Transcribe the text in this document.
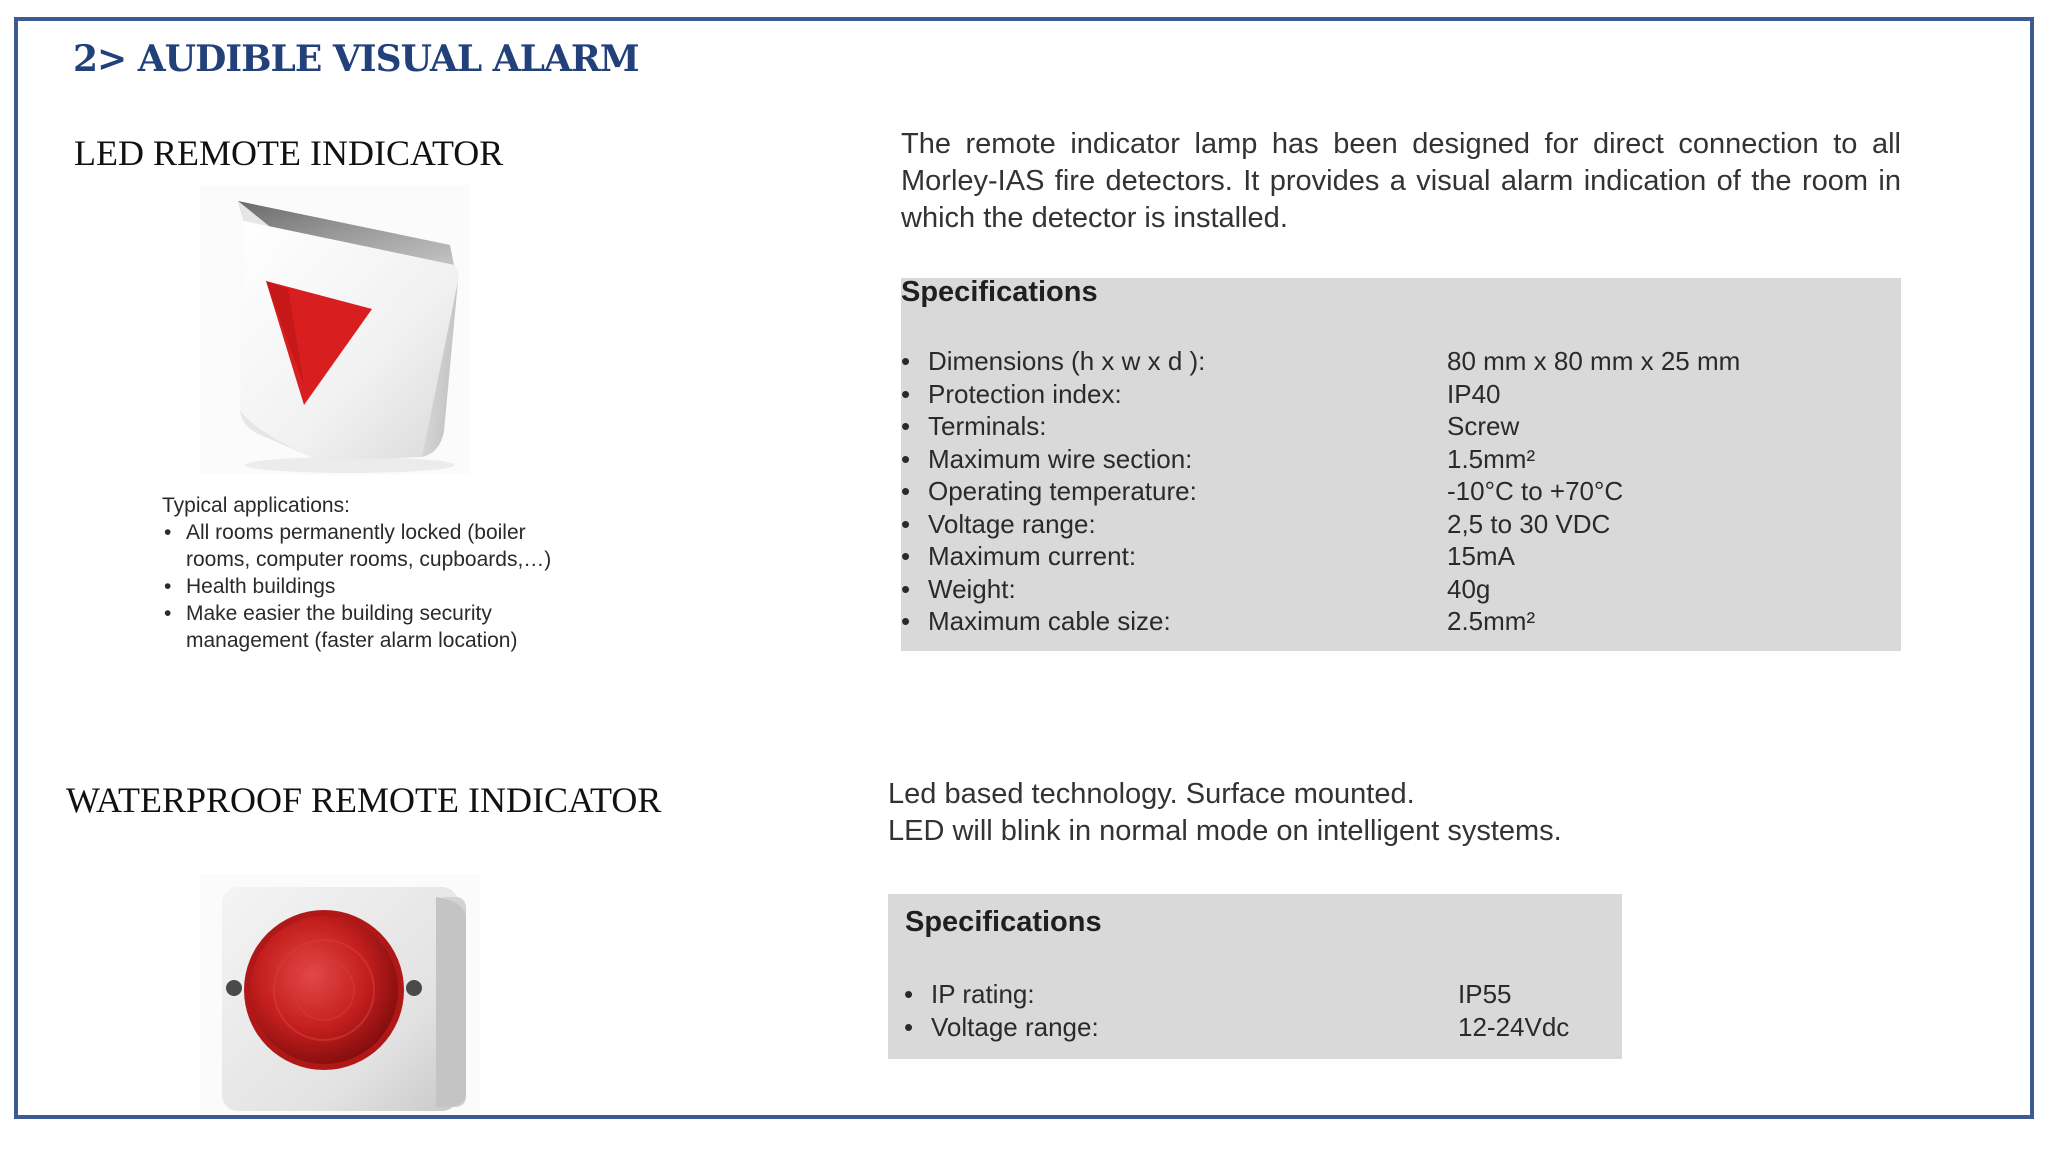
2> AUDIBLE VISUAL ALARM
LED REMOTE INDICATOR
Typical applications:
• All rooms permanently locked (boiler rooms, computer rooms, cupboards,…)
• Health buildings
• Make easier the building security management (faster alarm location)

The remote indicator lamp has been designed for direct connection to all Morley-IAS fire detectors. It provides a visual alarm indication of the room in which the detector is installed.

Specifications
• Dimensions (h x w x d ):	80 mm x 80 mm x 25 mm
• Protection index:	IP40
• Terminals:	Screw
• Maximum wire section:	1.5mm²
• Operating temperature:	-10°C to +70°C
• Voltage range:	2,5 to 30 VDC
• Maximum current:	15mA
• Weight:	40g
• Maximum cable size:	2.5mm²
WATERPROOF REMOTE INDICATOR	Led based technology. Surface mounted.

LED will blink in normal mode on intelligent systems.

Specifications
• IP rating:	IP55
• Voltage range:	12-24Vdc
